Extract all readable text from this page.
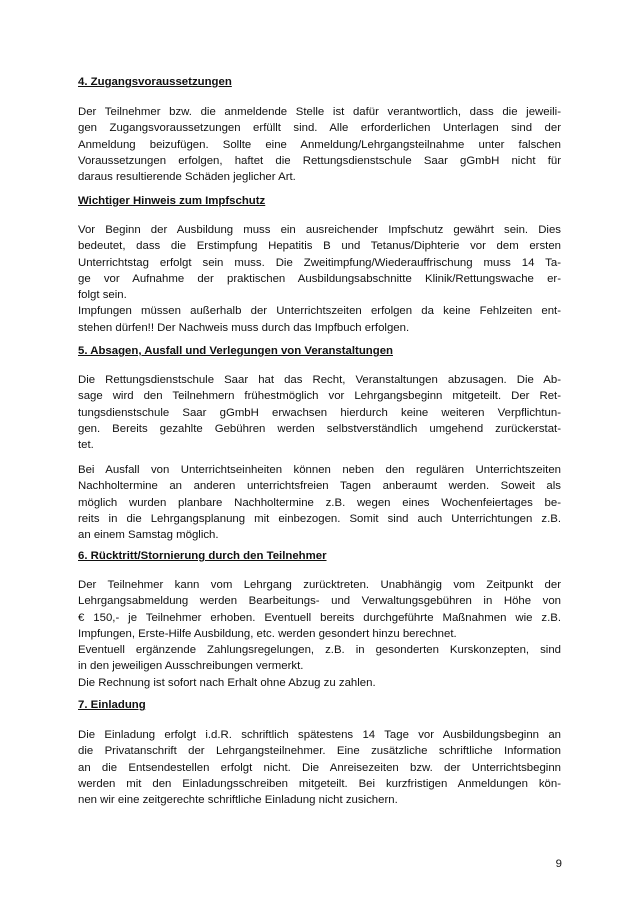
4. Zugangsvoraussetzungen
Der Teilnehmer bzw. die anmeldende Stelle ist dafür verantwortlich, dass die jeweili-
gen Zugangsvoraussetzungen erfüllt sind. Alle erforderlichen Unterlagen sind der
Anmeldung beizufügen. Sollte eine Anmeldung/Lehrgangsteilnahme unter falschen
Voraussetzungen erfolgen, haftet die Rettungsdienstschule Saar gGmbH nicht für
daraus resultierende Schäden jeglicher Art.
Wichtiger Hinweis zum Impfschutz
Vor Beginn der Ausbildung muss ein ausreichender Impfschutz gewährt sein. Dies
bedeutet, dass die Erstimpfung Hepatitis B und Tetanus/Diphterie vor dem ersten
Unterrichtstag erfolgt sein muss. Die Zweitimpfung/Wiederauffrischung muss 14 Ta-
ge vor Aufnahme der praktischen Ausbildungsabschnitte Klinik/Rettungswache er-
folgt sein.
Impfungen müssen außerhalb der Unterrichtszeiten erfolgen da keine Fehlzeiten ent-
stehen dürfen!! Der Nachweis muss durch das Impfbuch erfolgen.
5. Absagen, Ausfall und Verlegungen von Veranstaltungen
Die Rettungsdienstschule Saar hat das Recht, Veranstaltungen abzusagen. Die Ab-
sage wird den Teilnehmern frühestmöglich vor Lehrgangsbeginn mitgeteilt. Der Ret-
tungsdienstschule Saar gGmbH erwachsen hierdurch keine weiteren Verpflichtun-
gen. Bereits gezahlte Gebühren werden selbstverständlich umgehend zurückerstat-
tet.
Bei Ausfall von Unterrichtseinheiten können neben den regulären Unterrichtszeiten
Nachholtermine an anderen unterrichtsfreien Tagen anberaumt werden. Soweit als
möglich wurden planbare Nachholtermine z.B. wegen eines Wochenfeiertages be-
reits in die Lehrgangsplanung mit einbezogen. Somit sind auch Unterrichtungen z.B.
an einem Samstag möglich.
6. Rücktritt/Stornierung durch den Teilnehmer
Der Teilnehmer kann vom Lehrgang zurücktreten. Unabhängig vom Zeitpunkt der
Lehrgangsabmeldung werden Bearbeitungs- und Verwaltungsgebühren in Höhe von
€ 150,- je Teilnehmer erhoben. Eventuell bereits durchgeführte Maßnahmen wie z.B.
Impfungen, Erste-Hilfe Ausbildung, etc. werden gesondert hinzu berechnet.
Eventuell ergänzende Zahlungsregelungen, z.B. in gesonderten Kurskonzepten, sind
in den jeweiligen Ausschreibungen vermerkt.
Die Rechnung ist sofort nach Erhalt ohne Abzug zu zahlen.
7. Einladung
Die Einladung erfolgt i.d.R. schriftlich spätestens 14 Tage vor Ausbildungsbeginn an
die Privatanschrift der Lehrgangsteilnehmer. Eine zusätzliche schriftliche Information
an die Entsendestellen erfolgt nicht. Die Anreisezeiten bzw. der Unterrichtsbeginn
werden mit den Einladungsschreiben mitgeteilt. Bei kurzfristigen Anmeldungen kön-
nen wir eine zeitgerechte schriftliche Einladung nicht zusichern.
9
